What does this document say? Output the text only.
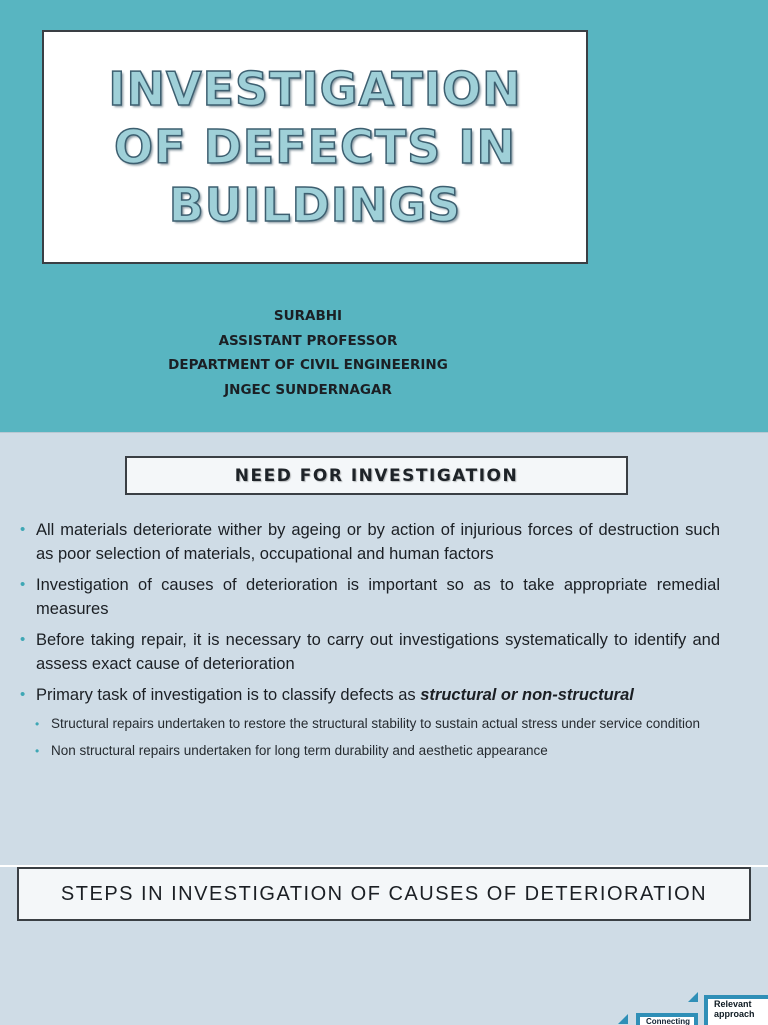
INVESTIGATION
OF DEFECTS IN
BUILDINGS
SURABHI
ASSISTANT PROFESSOR
DEPARTMENT OF CIVIL ENGINEERING
JNGEC SUNDERNAGAR
NEED FOR INVESTIGATION
• All materials deteriorate wither by ageing or by action of injurious forces of destruction such as poor selection of materials, occupational and human factors
• Investigation of causes of deterioration is important so as to take appropriate remedial measures
• Before taking repair, it is necessary to carry out investigations systematically to identify and assess exact cause of deterioration
• Primary task of investigation is to classify defects as structural or non-structural
• Structural repairs undertaken to restore the structural stability to sustain actual stress under service condition
• Non structural repairs undertaken for long term durability and aesthetic appearance
STEPS IN INVESTIGATION OF CAUSES OF DETERIORATION
Connecting
Relevant
approach
